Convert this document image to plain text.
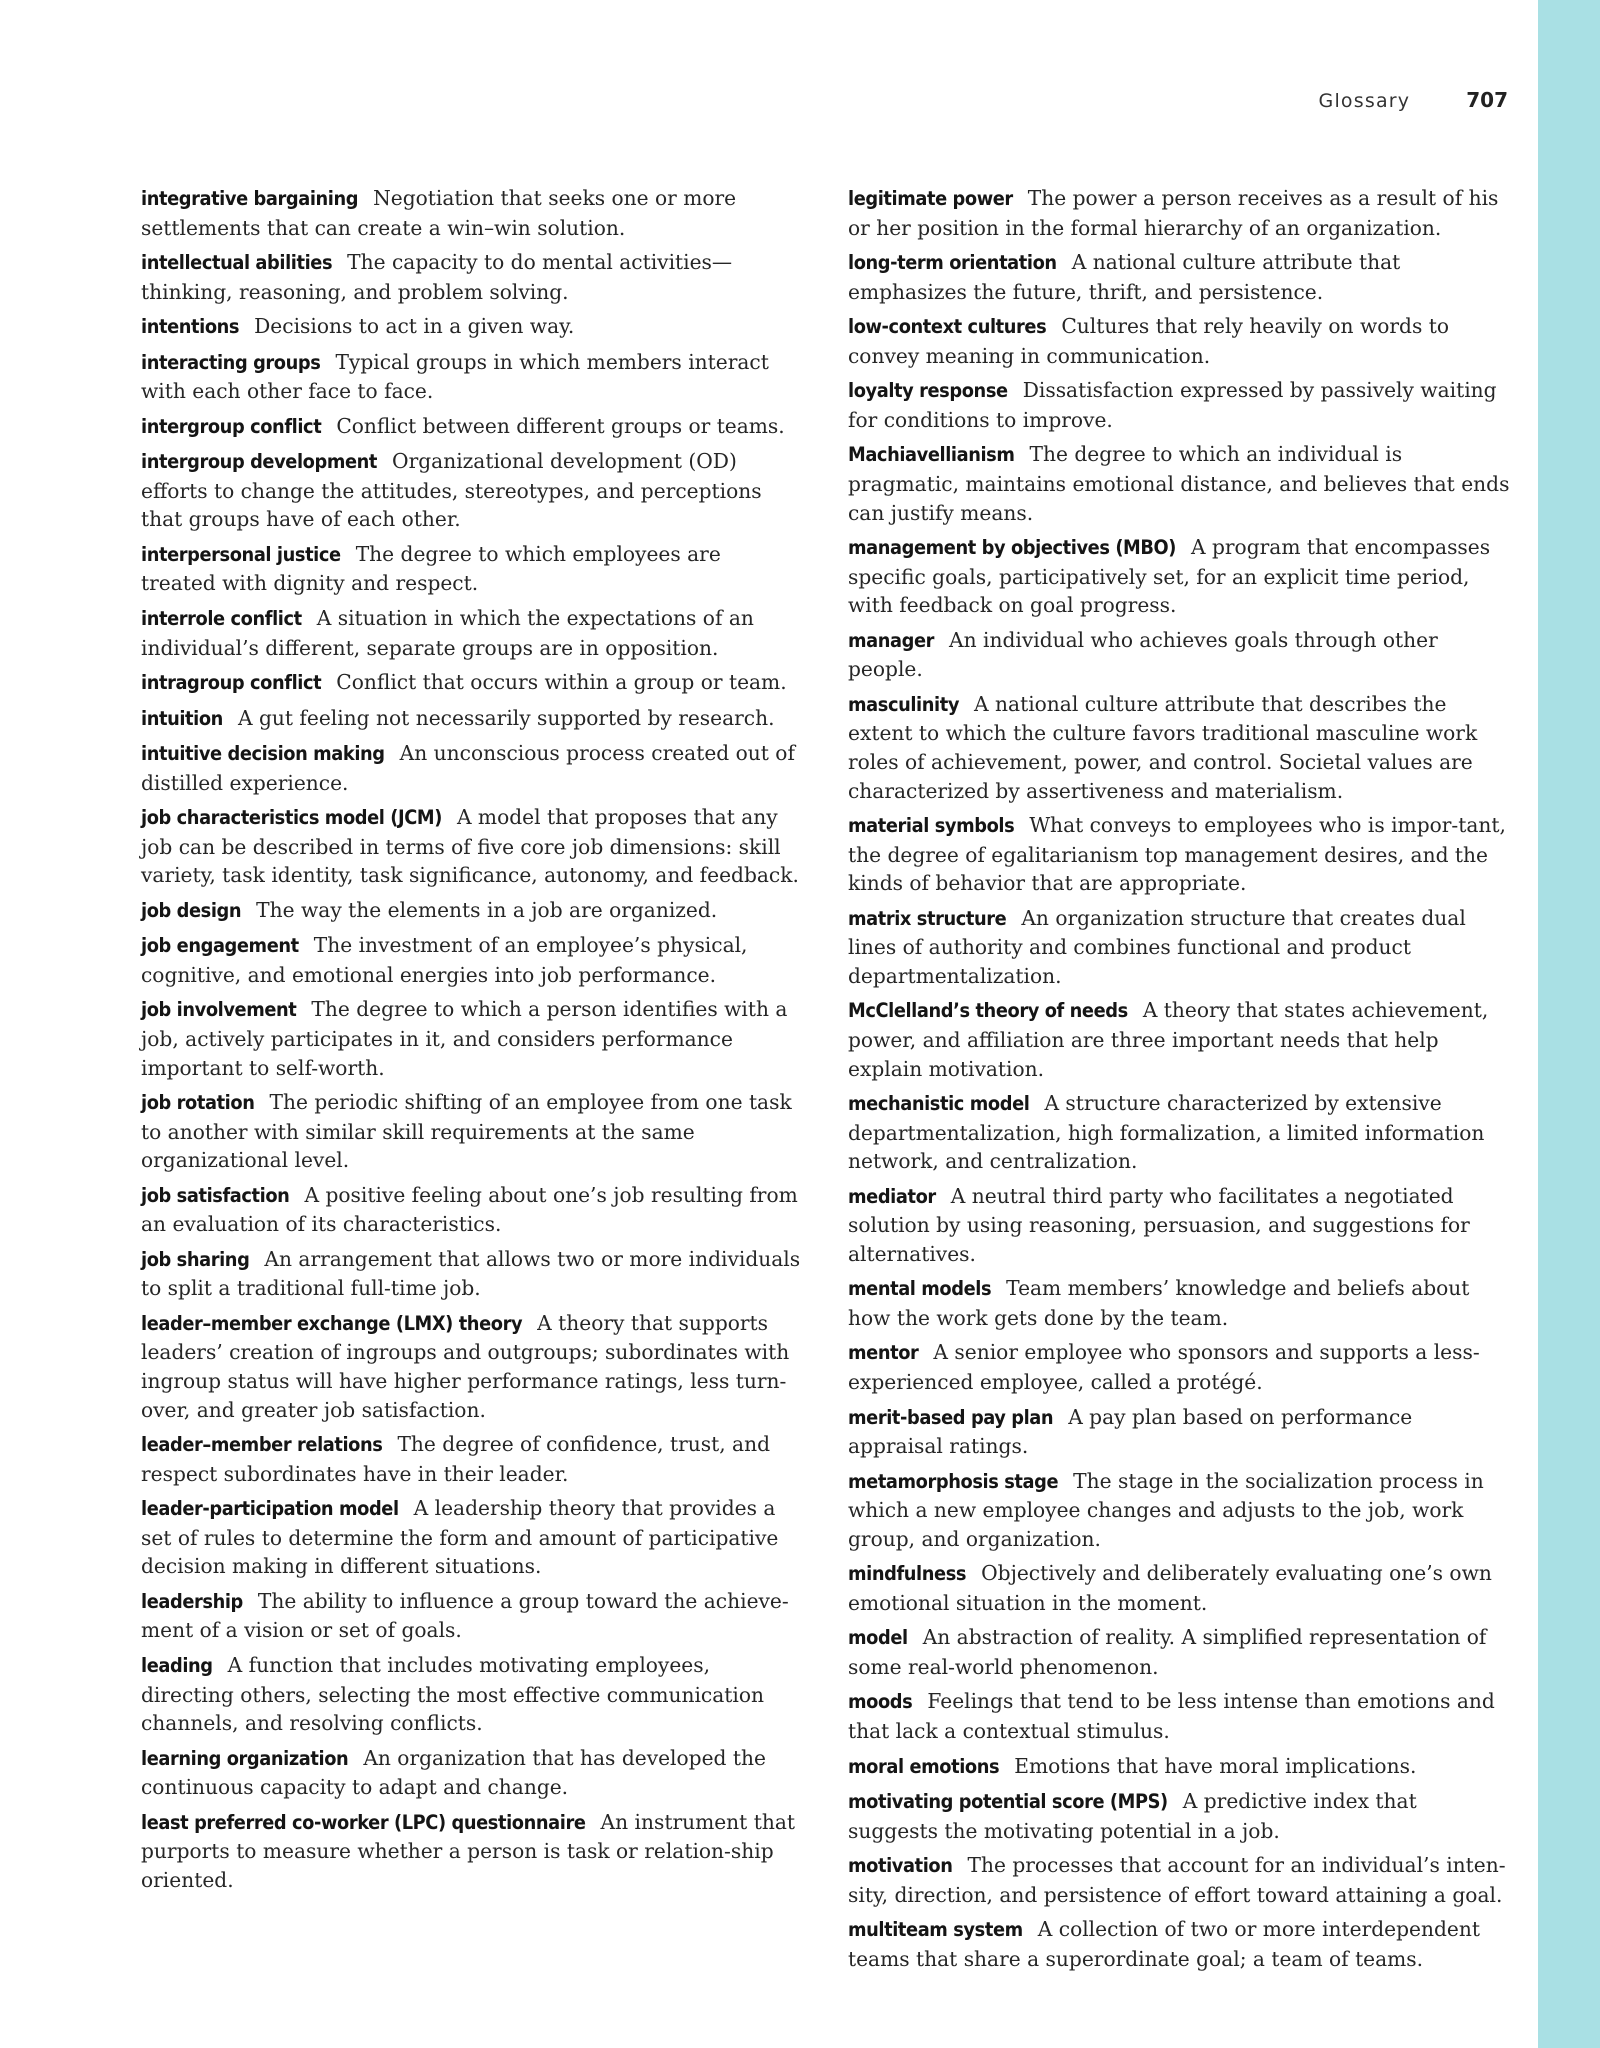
Glossary	707

integrative bargaining Negotiation that seeks one or more settlements that can create a win–win solution.

intellectual abilities The capacity to do mental activities—thinking, reasoning, and problem solving.

intentions Decisions to act in a given way.

interacting groups Typical groups in which members interact with each other face to face.

intergroup conflict Conflict between different groups or teams.

intergroup development Organizational development (OD) efforts to change the attitudes, stereotypes, and perceptions that groups have of each other.

interpersonal justice The degree to which employees are treated with dignity and respect.

interrole conflict A situation in which the expectations of an individual’s different, separate groups are in opposition.

intragroup conflict Conflict that occurs within a group or team.

intuition A gut feeling not necessarily supported by research.

intuitive decision making An unconscious process created out of distilled experience.

job characteristics model (JCM) A model that proposes that any job can be described in terms of five core job dimensions: skill variety, task identity, task significance, autonomy, and feedback.

job design The way the elements in a job are organized.

job engagement The investment of an employee’s physical, cognitive, and emotional energies into job performance.

job involvement The degree to which a person identifies with a job, actively participates in it, and considers performance important to self-worth.

job rotation The periodic shifting of an employee from one task to another with similar skill requirements at the same organizational level.

job satisfaction A positive feeling about one’s job resulting from an evaluation of its characteristics.

job sharing An arrangement that allows two or more individuals to split a traditional full-time job.

leader–member exchange (LMX) theory A theory that supports leaders’ creation of ingroups and outgroups; subordinates with ingroup status will have higher performance ratings, less turn-over, and greater job satisfaction.

leader–member relations The degree of confidence, trust, and respect subordinates have in their leader.

leader-participation model A leadership theory that provides a set of rules to determine the form and amount of participative decision making in different situations.

leadership The ability to influence a group toward the achieve-ment of a vision or set of goals.

leading A function that includes motivating employees, directing others, selecting the most effective communication channels, and resolving conflicts.

learning organization An organization that has developed the continuous capacity to adapt and change.

least preferred co-worker (LPC) questionnaire An instrument that purports to measure whether a person is task or relation-ship oriented.

legitimate power The power a person receives as a result of his or her position in the formal hierarchy of an organization.

long-term orientation A national culture attribute that emphasizes the future, thrift, and persistence.

low-context cultures Cultures that rely heavily on words to convey meaning in communication.

loyalty response Dissatisfaction expressed by passively waiting for conditions to improve.

Machiavellianism The degree to which an individual is pragmatic, maintains emotional distance, and believes that ends can justify means.

management by objectives (MBO) A program that encompasses specific goals, participatively set, for an explicit time period, with feedback on goal progress.

manager An individual who achieves goals through other people.

masculinity A national culture attribute that describes the extent to which the culture favors traditional masculine work roles of achievement, power, and control. Societal values are characterized by assertiveness and materialism.

material symbols What conveys to employees who is impor-tant, the degree of egalitarianism top management desires, and the kinds of behavior that are appropriate.

matrix structure An organization structure that creates dual lines of authority and combines functional and product departmentalization.

McClelland’s theory of needs A theory that states achievement, power, and affiliation are three important needs that help explain motivation.

mechanistic model A structure characterized by extensive departmentalization, high formalization, a limited information network, and centralization.

mediator A neutral third party who facilitates a negotiated solution by using reasoning, persuasion, and suggestions for alternatives.

mental models Team members’ knowledge and beliefs about how the work gets done by the team.

mentor A senior employee who sponsors and supports a less-experienced employee, called a protégé.

merit-based pay plan A pay plan based on performance appraisal ratings.

metamorphosis stage The stage in the socialization process in which a new employee changes and adjusts to the job, work group, and organization.

mindfulness Objectively and deliberately evaluating one’s own emotional situation in the moment.

model An abstraction of reality. A simplified representation of some real-world phenomenon.

moods Feelings that tend to be less intense than emotions and that lack a contextual stimulus.

moral emotions Emotions that have moral implications.

motivating potential score (MPS) A predictive index that suggests the motivating potential in a job.

motivation The processes that account for an individual’s inten-sity, direction, and persistence of effort toward attaining a goal.

multiteam system A collection of two or more interdependent teams that share a superordinate goal; a team of teams.
